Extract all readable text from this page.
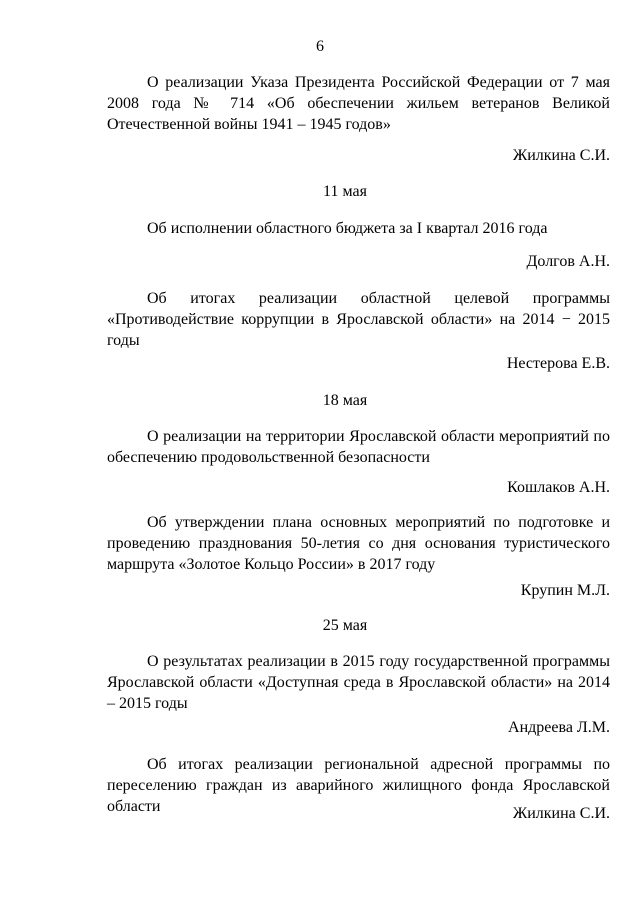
6

О реализации Указа Президента Российской Федерации от 7 мая 2008 года № 714 «Об обеспечении жильем ветеранов Великой Отечественной войны 1941 – 1945 годов»

Жилкина С.И.
11 мая

Об исполнении областного бюджета за I квартал 2016 года

Долгов А.Н.

Об итогах реализации областной целевой программы «Противодействие коррупции в Ярославской области» на 2014 − 2015 годы

Нестерова Е.В.
18 мая

О реализации на территории Ярославской области мероприятий по обеспечению продовольственной безопасности

Кошлаков А.Н.

Об утверждении плана основных мероприятий по подготовке и проведению празднования 50-летия со дня основания туристического маршрута «Золотое Кольцо России» в 2017 году

Крупин М.Л.
25 мая

О результатах реализации в 2015 году государственной программы Ярославской области «Доступная среда в Ярославской области» на 2014 – 2015 годы

Андреева Л.М.

Об итогах реализации региональной адресной программы по переселению граждан из аварийного жилищного фонда Ярославской области	Жилкина С.И.
